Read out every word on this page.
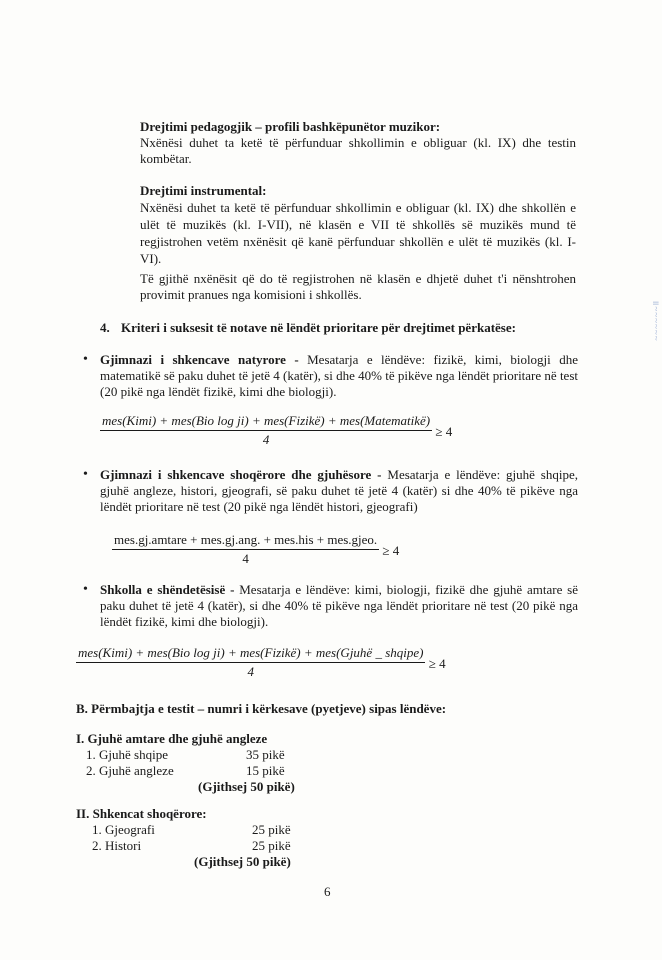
Drejtimi pedagogjik – profili bashkëpunëtor muzikor:
Nxënësi duhet ta ketë të përfunduar shkollimin e obliguar (kl. IX) dhe testin kombëtar.
Drejtimi instrumental:
Nxënësi duhet ta ketë të përfunduar shkollimin e obliguar (kl. IX) dhe shkollën e ulët të muzikës (kl. I-VII), në klasën e VII të shkollës së muzikës mund të regjistrohen vetëm nxënësit që kanë përfunduar shkollën e ulët të muzikës (kl. I-VI).
Të gjithë nxënësit që do të regjistrohen në klasën e dhjetë duhet t'i nënshtrohen provimit pranues nga komisioni i shkollës.
॥~~~~~~
4. Kriteri i suksesit të notave në lëndët prioritare për drejtimet përkatëse:
• Gjimnazi i shkencave natyrore - Mesatarja e lëndëve: fizikë, kimi, biologji dhe matematikë së paku duhet të jetë 4 (katër), si dhe 40% të pikëve nga lëndët prioritare në test (20 pikë nga lëndët fizikë, kimi dhe biologji).
$\frac{\text{mes(Kimi) + mes(Bio log ji) + mes(Fizikë) + mes(Matematikë)}}{4} \ge 4$
• Gjimnazi i shkencave shoqërore dhe gjuhësore - Mesatarja e lëndëve: gjuhë shqipe, gjuhë angleze, histori, gjeografi, së paku duhet të jetë 4 (katër) si dhe 40% të pikëve nga lëndët prioritare në test (20 pikë nga lëndët histori, gjeografi)
$\frac{\text{mes.gj.amtare + mes.gj.ang. + mes.his + mes.gjeo.}}{4} \ge 4$
• Shkolla e shëndetësisë - Mesatarja e lëndëve: kimi, biologji, fizikë dhe gjuhë amtare së paku duhet të jetë 4 (katër), si dhe 40% të pikëve nga lëndët prioritare në test (20 pikë nga lëndët fizikë, kimi dhe biologji).
mes(Kimi) + mes(Bio log ji) + mes(Fizikë) + mes(Gjuhë _ shqipe)
4
≥ 4
B. Përmbajtja e testit – numri i kërkesave (pyetjeve) sipas lëndëve:
I. Gjuhë amtare dhe gjuhë angleze
1. Gjuhë shqipe	35 pikë
2. Gjuhë angleze	15 pikë
(Gjithsej 50 pikë)
II. Shkencat shoqërore:
1. Gjeografi	25 pikë
2. Histori	25 pikë
(Gjithsej 50 pikë)
6
